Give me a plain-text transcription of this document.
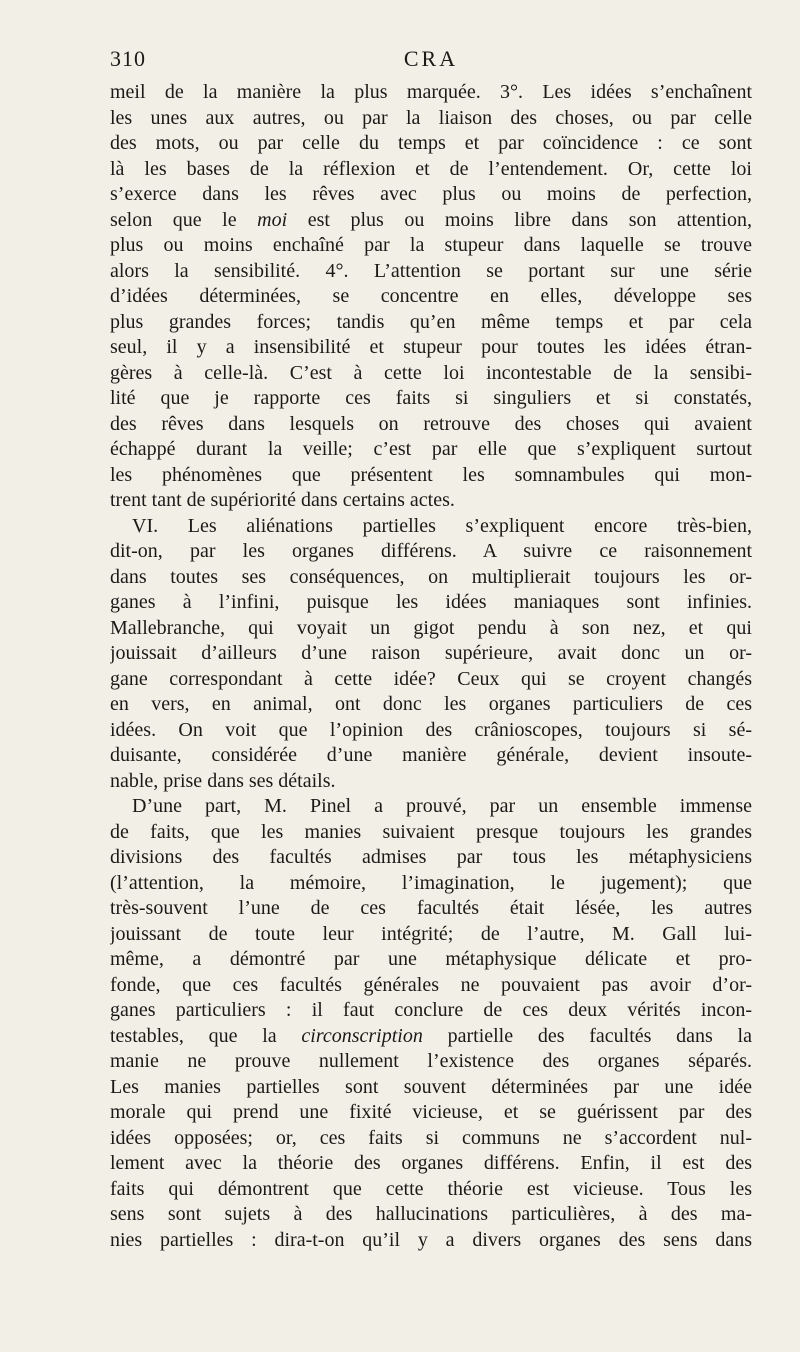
310	CRA
meil de la manière la plus marquée. 3°. Les idées s’enchaînent
les unes aux autres, ou par la liaison des choses, ou par celle
des mots, ou par celle du temps et par coïncidence : ce sont
là les bases de la réflexion et de l’entendement. Or, cette loi
s’exerce dans les rêves avec plus ou moins de perfection,
selon que le moi est plus ou moins libre dans son attention,
plus ou moins enchaîné par la stupeur dans laquelle se trouve
alors la sensibilité. 4°. L’attention se portant sur une série
d’idées déterminées, se concentre en elles, développe ses
plus grandes forces; tandis qu’en même temps et par cela
seul, il y a insensibilité et stupeur pour toutes les idées étran-
gères à celle-là. C’est à cette loi incontestable de la sensibi-
lité que je rapporte ces faits si singuliers et si constatés,
des rêves dans lesquels on retrouve des choses qui avaient
échappé durant la veille; c’est par elle que s’expliquent surtout
les phénomènes que présentent les somnambules qui mon-
trent tant de supériorité dans certains actes.
VI. Les aliénations partielles s’expliquent encore très-bien,
dit-on, par les organes différens. A suivre ce raisonnement
dans toutes ses conséquences, on multiplierait toujours les or-
ganes à l’infini, puisque les idées maniaques sont infinies.
Mallebranche, qui voyait un gigot pendu à son nez, et qui
jouissait d’ailleurs d’une raison supérieure, avait donc un or-
gane correspondant à cette idée? Ceux qui se croyent changés
en vers, en animal, ont donc les organes particuliers de ces
idées. On voit que l’opinion des crânioscopes, toujours si sé-
duisante, considérée d’une manière générale, devient insoute-
nable, prise dans ses détails.
D’une part, M. Pinel a prouvé, par un ensemble immense
de faits, que les manies suivaient presque toujours les grandes
divisions des facultés admises par tous les métaphysiciens
(l’attention, la mémoire, l’imagination, le jugement); que
très-souvent l’une de ces facultés était lésée, les autres
jouissant de toute leur intégrité; de l’autre, M. Gall lui-
même, a démontré par une métaphysique délicate et pro-
fonde, que ces facultés générales ne pouvaient pas avoir d’or-
ganes particuliers : il faut conclure de ces deux vérités incon-
testables, que la circonscription partielle des facultés dans la
manie ne prouve nullement l’existence des organes séparés.
Les manies partielles sont souvent déterminées par une idée
morale qui prend une fixité vicieuse, et se guérissent par des
idées opposées; or, ces faits si communs ne s’accordent nul-
lement avec la théorie des organes différens. Enfin, il est des
faits qui démontrent que cette théorie est vicieuse. Tous les
sens sont sujets à des hallucinations particulières, à des ma-
nies partielles : dira-t-on qu’il y a divers organes des sens dans
